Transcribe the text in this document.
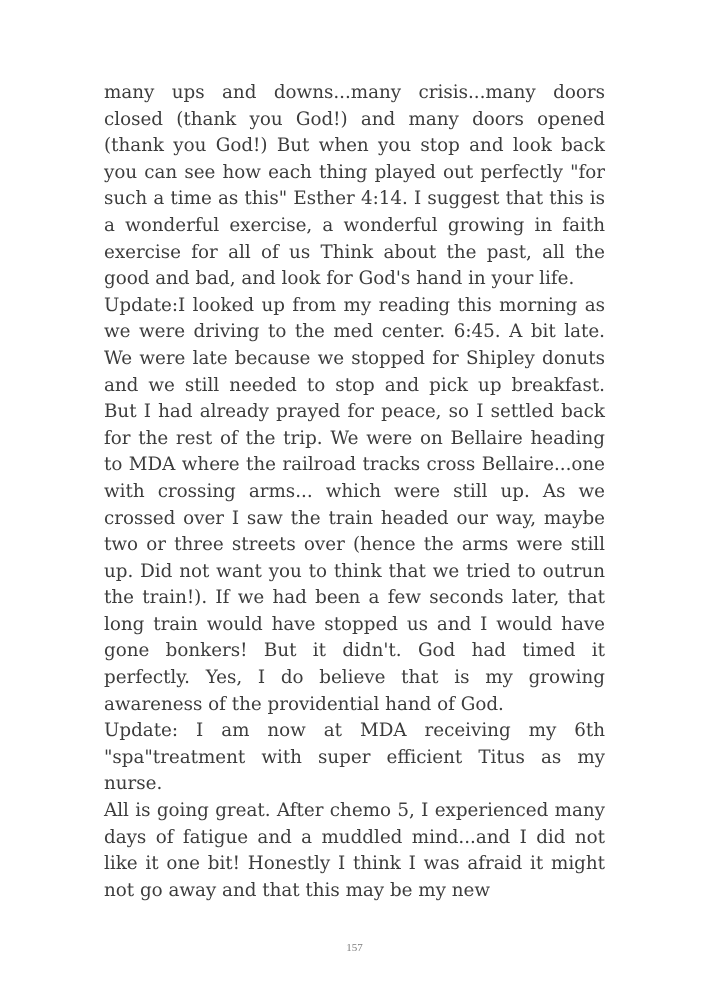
many ups and downs...many crisis...many doors closed (thank you God!) and many doors opened (thank you God!) But when you stop and look back you can see how each thing played out perfectly "for such a time as this" Esther 4:14. I suggest that this is a wonderful exercise, a wonderful growing in faith exercise for all of us Think about the past, all the good and bad, and look for God's hand in your life.

Update:I looked up from my reading this morning as we were driving to the med center. 6:45. A bit late. We were late because we stopped for Shipley donuts and we still needed to stop and pick up breakfast. But I had already prayed for peace, so I settled back for the rest of the trip. We were on Bellaire heading to MDA where the railroad tracks cross Bellaire...one with crossing arms... which were still up. As we crossed over I saw the train headed our way, maybe two or three streets over (hence the arms were still up. Did not want you to think that we tried to outrun the train!). If we had been a few seconds later, that long train would have stopped us and I would have gone bonkers! But it didn't. God had timed it perfectly. Yes, I do believe that is my growing awareness of the providential hand of God.

Update: I am now at MDA receiving my 6th "spa"treatment with super efficient Titus as my nurse.

All is going great. After chemo 5, I experienced many days of fatigue and a muddled mind...and I did not like it one bit! Honestly I think I was afraid it might not go away and that this may be my new

157
